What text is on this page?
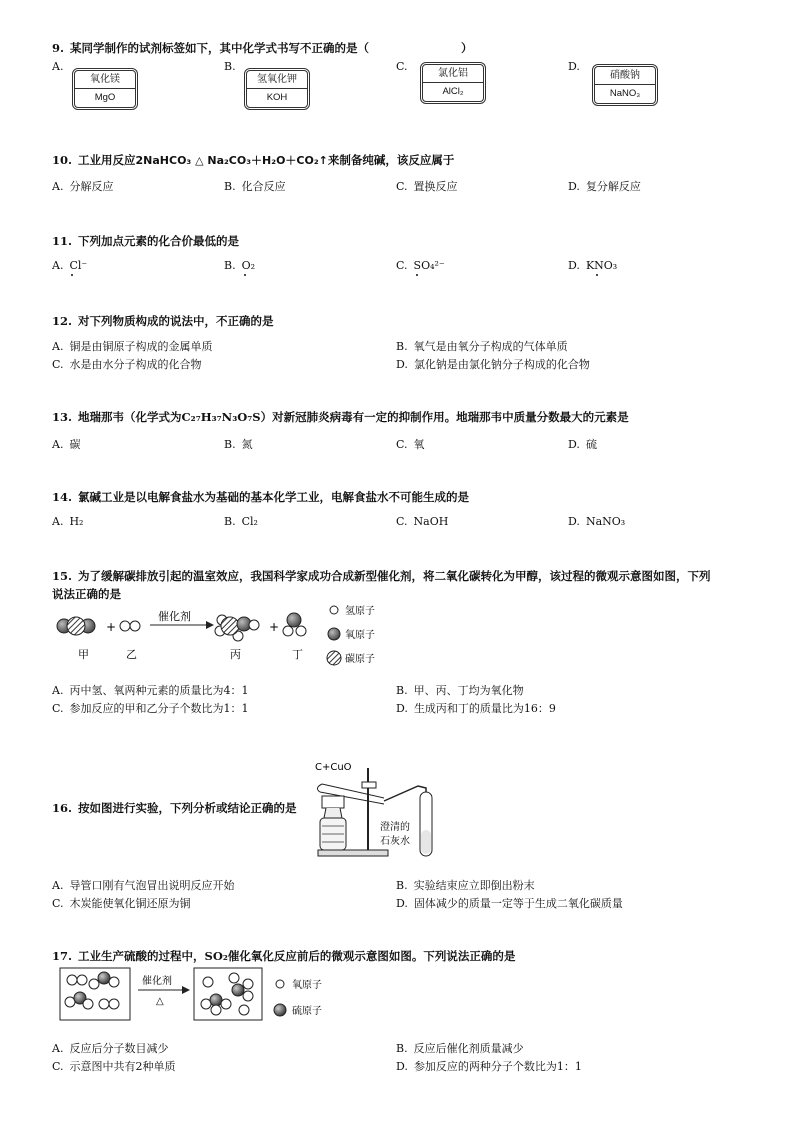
9. 某同学制作的试剂标签如下，其中化学式书写不正确的是（	）
A.
氧化镁
MgO
B.
氢氧化钾
KOH
C.
氯化铝
AlCl₂
D.
硝酸钠
NaNO₃
10. 工业用反应2NaHCO₃ △ Na₂CO₃＋H₂O＋CO₂↑来制备纯碱，该反应属于
A. 分解反应	B. 化合反应	C. 置换反应	D. 复分解反应
11. 下列加点元素的化合价最低的是
A. Cl⁻	B. O₂	C. SO₄²⁻	D. KNO₃
12. 对下列物质构成的说法中，不正确的是
A. 铜是由铜原子构成的金属单质	B. 氧气是由氧分子构成的气体单质
C. 水是由水分子构成的化合物	D. 氯化钠是由氯化钠分子构成的化合物
13. 地瑞那韦（化学式为C₂₇H₃₇N₃O₇S）对新冠肺炎病毒有一定的抑制作用。地瑞那韦中质量分数最大的元素是
A. 碳	B. 氮	C. 氧	D. 硫
14. 氯碱工业是以电解食盐水为基础的基本化学工业，电解食盐水不可能生成的是
A. H₂	B. Cl₂	C. NaOH	D. NaNO₃
15. 为了缓解碳排放引起的温室效应，我国科学家成功合成新型催化剂，将二氧化碳转化为甲醇，该过程的微观示意图如图，下列
说法正确的是
+
催化剂
+
甲	乙	丙	丁
氢原子
氧原子
碳原子
A. 丙中氢、氧两种元素的质量比为4：1	B. 甲、丙、丁均为氧化物
C. 参加反应的甲和乙分子个数比为1：1	D. 生成丙和丁的质量比为16：9
16. 按如图进行实验，下列分析或结论正确的是
C+CuO
澄清的
石灰水
A. 导管口刚有气泡冒出说明反应开始	B. 实验结束应立即倒出粉末
C. 木炭能使氧化铜还原为铜	D. 固体减少的质量一定等于生成二氧化碳质量
17. 工业生产硫酸的过程中，SO₂催化氧化反应前后的微观示意图如图。下列说法正确的是
催化剂
△
氧原子
硫原子
A. 反应后分子数目减少	B. 反应后催化剂质量减少
C. 示意图中共有2种单质	D. 参加反应的两种分子个数比为1：1
